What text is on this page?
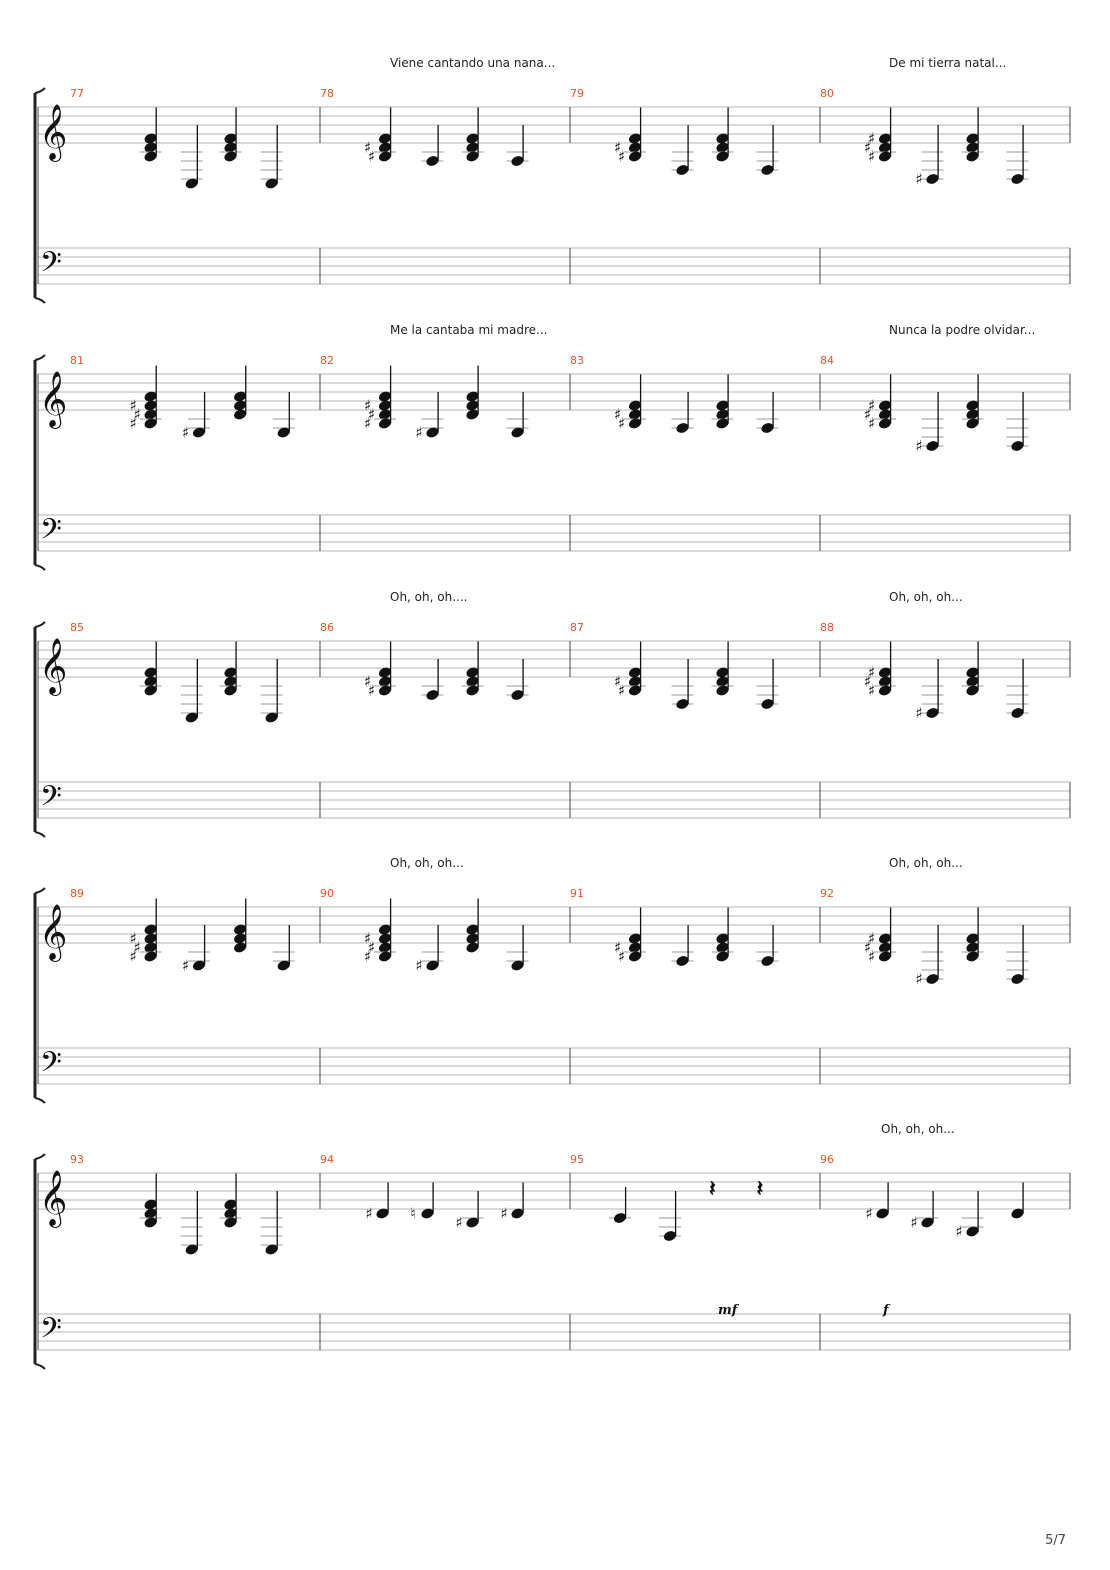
𝄞
𝄢
77	78	79	80
Viene cantando una nana...	De mi tierra natal...
♯
♯	♯
♯
♯
♯
♯
♯
𝄞
𝄢
81	82	83	84
Me la cantaba mi madre...	Nunca la podre olvidar...
♯
♯
♯	♯
♯
♯
♯	♯
♯
♯
♯
♯
♯
♯
𝄞
𝄢
85	86	87	88
Oh, oh, oh....	Oh, oh, oh...
♯
♯	♯
♯
♯
♯
♯
♯
𝄞
𝄢
89	90	91	92
Oh, oh, oh...	Oh, oh, oh...
♯
♯
♯	♯
♯
♯
♯	♯
♯
♯
♯
♯
♯
♯
𝄞
𝄢
93	94	95	96
Oh, oh, oh...
♯	♮	♯	♯
𝄽 𝄽
♯	♯	♯
mf	f
5/7
